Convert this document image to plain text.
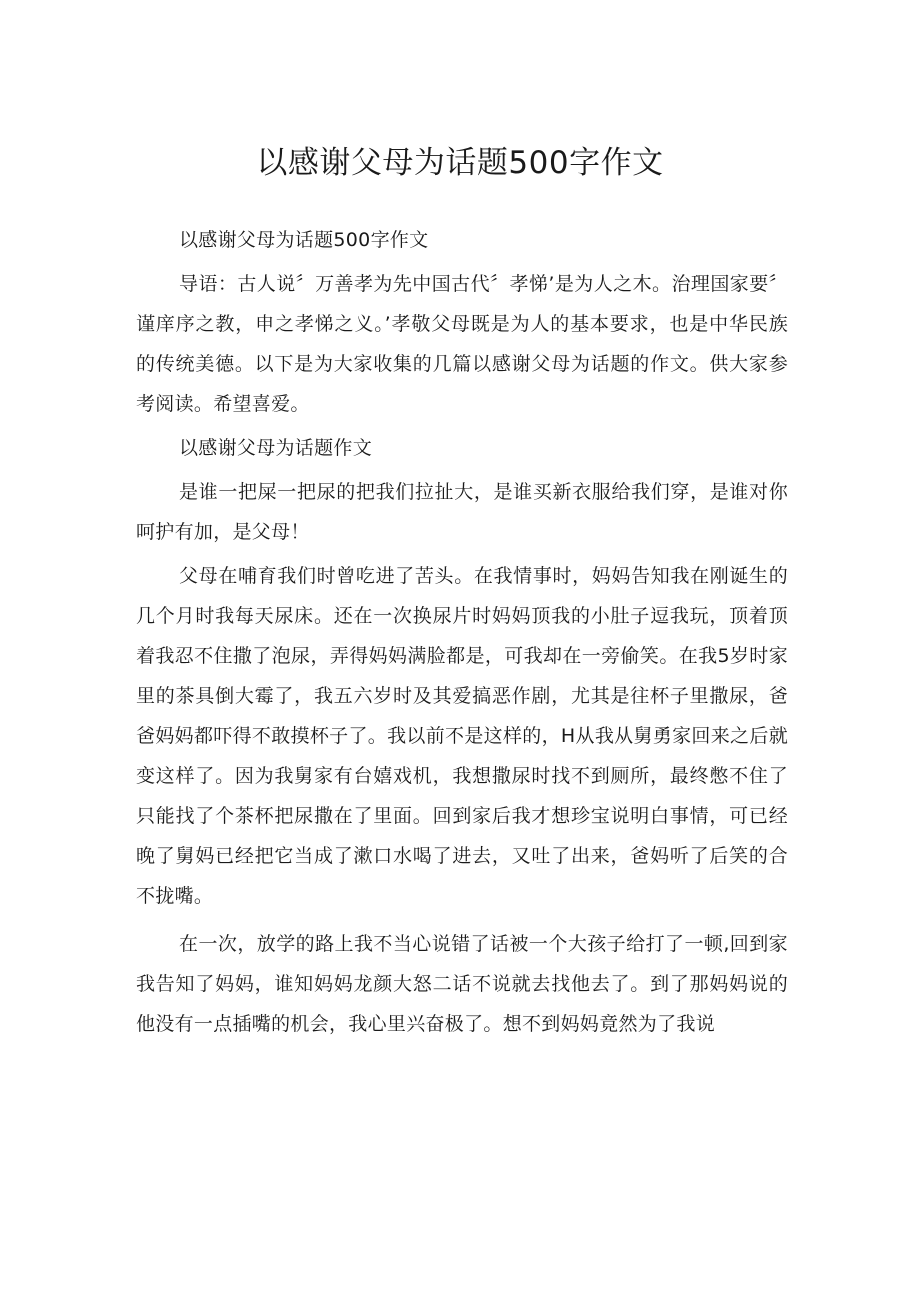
以感谢父母为话题500字作文

以感谢父母为话题500字作文

导语：古人说〞万善孝为先中国古代〞孝悌’是为人之木。治理国家要〞谨庠序之教，申之孝悌之义。’孝敬父母既是为人的基本要求，也是中华民族的传统美德。以下是为大家收集的几篇以感谢父母为话题的作文。供大家参考阅读。希望喜爱。

以感谢父母为话题作文

是谁一把屎一把尿的把我们拉扯大，是谁买新衣服给我们穿，是谁对你呵护有加，是父母！

父母在哺育我们时曾吃进了苦头。在我情事时，妈妈告知我在刚诞生的几个月时我每天尿床。还在一次换尿片时妈妈顶我的小肚子逗我玩，顶着顶着我忍不住撒了泡尿，弄得妈妈满脸都是，可我却在一旁偷笑。在我5岁时家里的茶具倒大霉了，我五六岁时及其爱搞恶作剧，尤其是往杯子里撒尿，爸爸妈妈都吓得不敢摸杯子了。我以前不是这样的，H从我从舅勇家回来之后就变这样了。因为我舅家有台嬉戏机，我想撒尿时找不到厕所，最终憋不住了只能找了个茶杯把尿撒在了里面。回到家后我才想珍宝说明白事情，可已经晚了舅妈已经把它当成了漱口水喝了进去，又吐了出来，爸妈听了后笑的合不拢嘴。

在一次，放学的路上我不当心说错了话被一个大孩子给打了一顿,回到家我告知了妈妈，谁知妈妈龙颜大怒二话不说就去找他去了。到了那妈妈说的他没有一点插嘴的机会，我心里兴奋极了。想不到妈妈竟然为了我说
